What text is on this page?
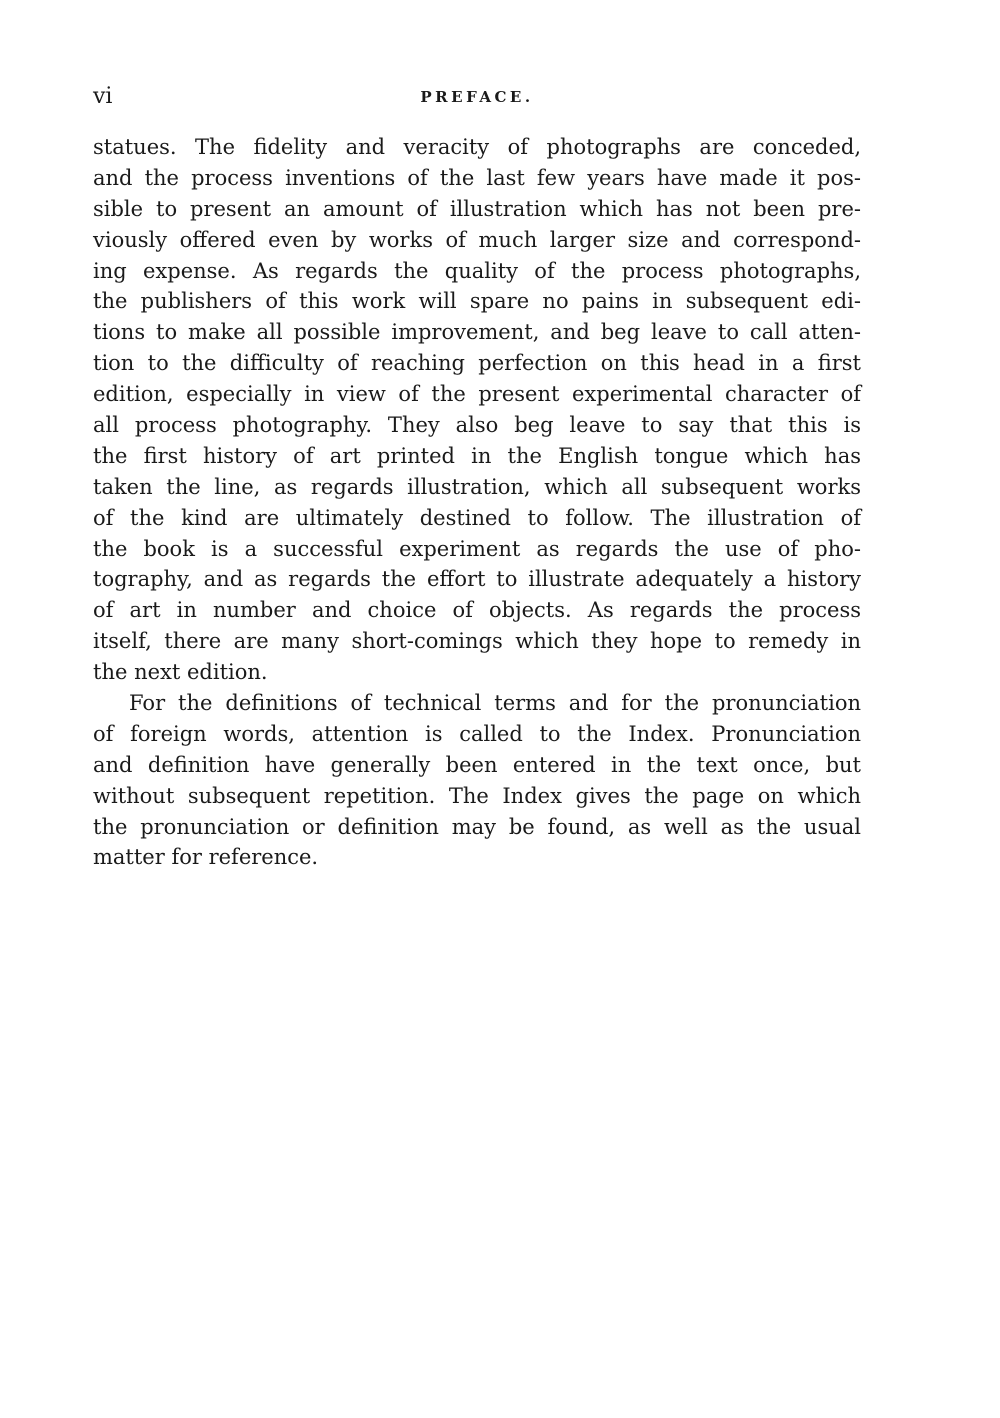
vi	PREFACE.
statues. The fidelity and veracity of photographs are conceded,
and the process inventions of the last few years have made it pos-
sible to present an amount of illustration which has not been pre-
viously offered even by works of much larger size and correspond-
ing expense. As regards the quality of the process photographs,
the publishers of this work will spare no pains in subsequent edi-
tions to make all possible improvement, and beg leave to call atten-
tion to the difficulty of reaching perfection on this head in a first
edition, especially in view of the present experimental character of
all process photography. They also beg leave to say that this is
the first history of art printed in the English tongue which has
taken the line, as regards illustration, which all subsequent works
of the kind are ultimately destined to follow. The illustration of
the book is a successful experiment as regards the use of pho-
tography, and as regards the effort to illustrate adequately a history
of art in number and choice of objects. As regards the process
itself, there are many short-comings which they hope to remedy in
the next edition.
For the definitions of technical terms and for the pronunciation
of foreign words, attention is called to the Index. Pronunciation
and definition have generally been entered in the text once, but
without subsequent repetition. The Index gives the page on which
the pronunciation or definition may be found, as well as the usual
matter for reference.
